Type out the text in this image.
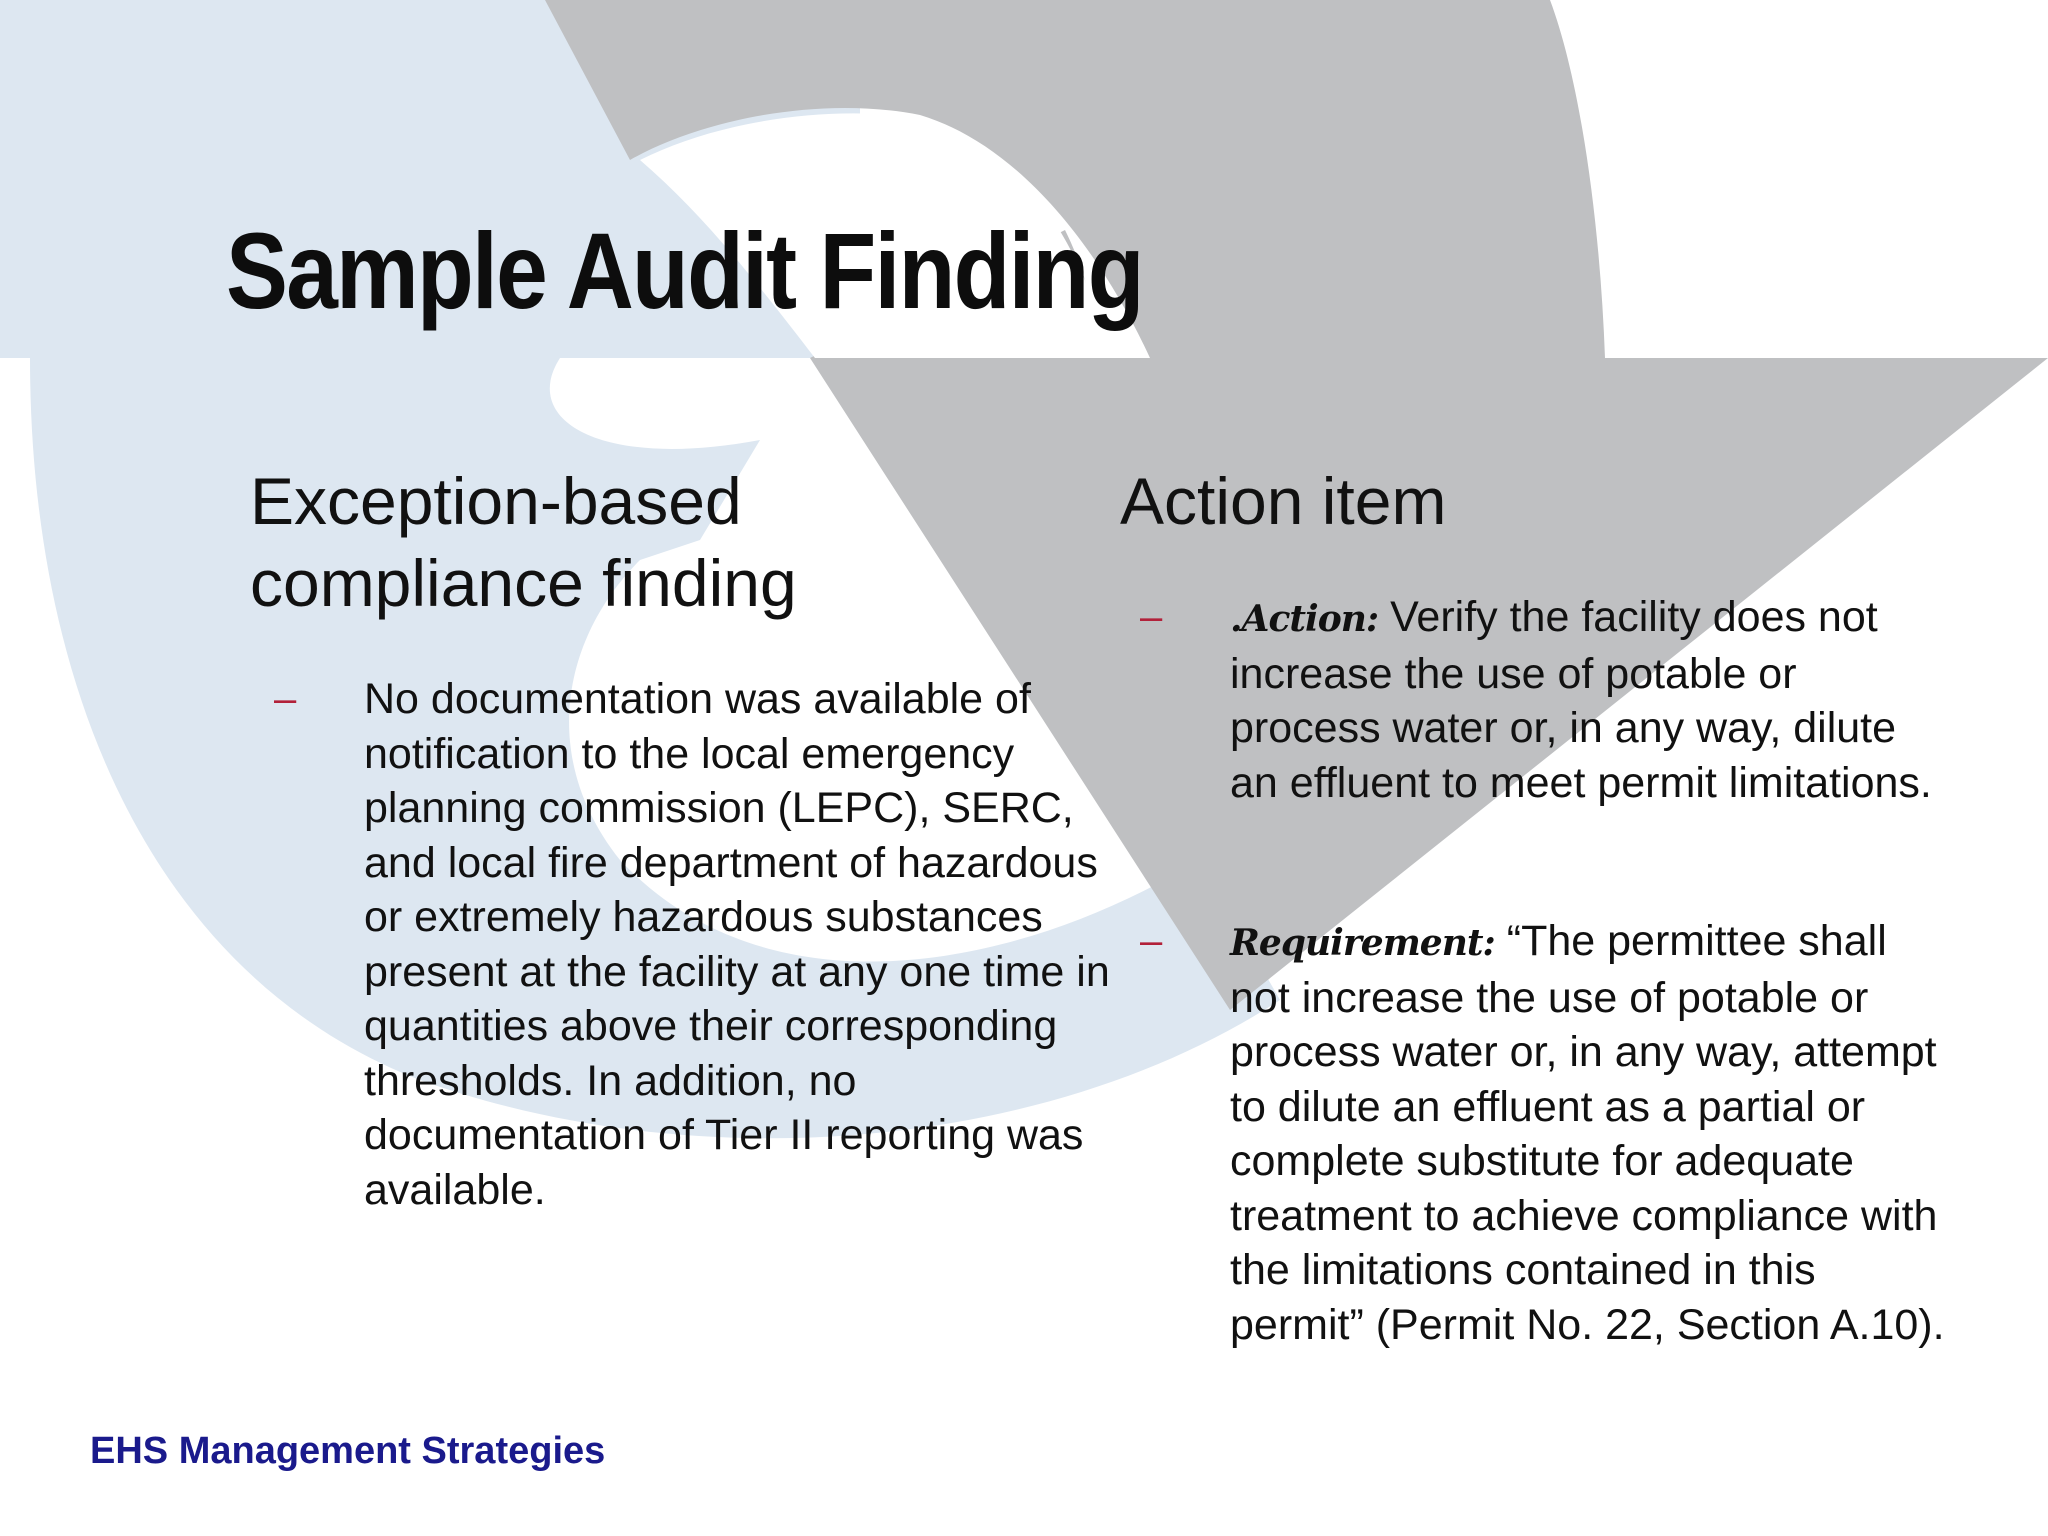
Sample Audit Finding
Exception-based compliance finding
– No documentation was available of notification to the local emergency planning commission (LEPC), SERC, and local fire department of hazardous or extremely hazardous substances present at the facility at any one time in quantities above their corresponding thresholds. In addition, no documentation of Tier II reporting was available.
Action item
– .Action: Verify the facility does not increase the use of potable or process water or, in any way, dilute an effluent to meet permit limitations.
– Requirement: “The permittee shall not increase the use of potable or process water or, in any way, attempt to dilute an effluent as a partial or complete substitute for adequate treatment to achieve compliance with the limitations contained in this permit” (Permit No. 22, Section A.10).
EHS Management Strategies
